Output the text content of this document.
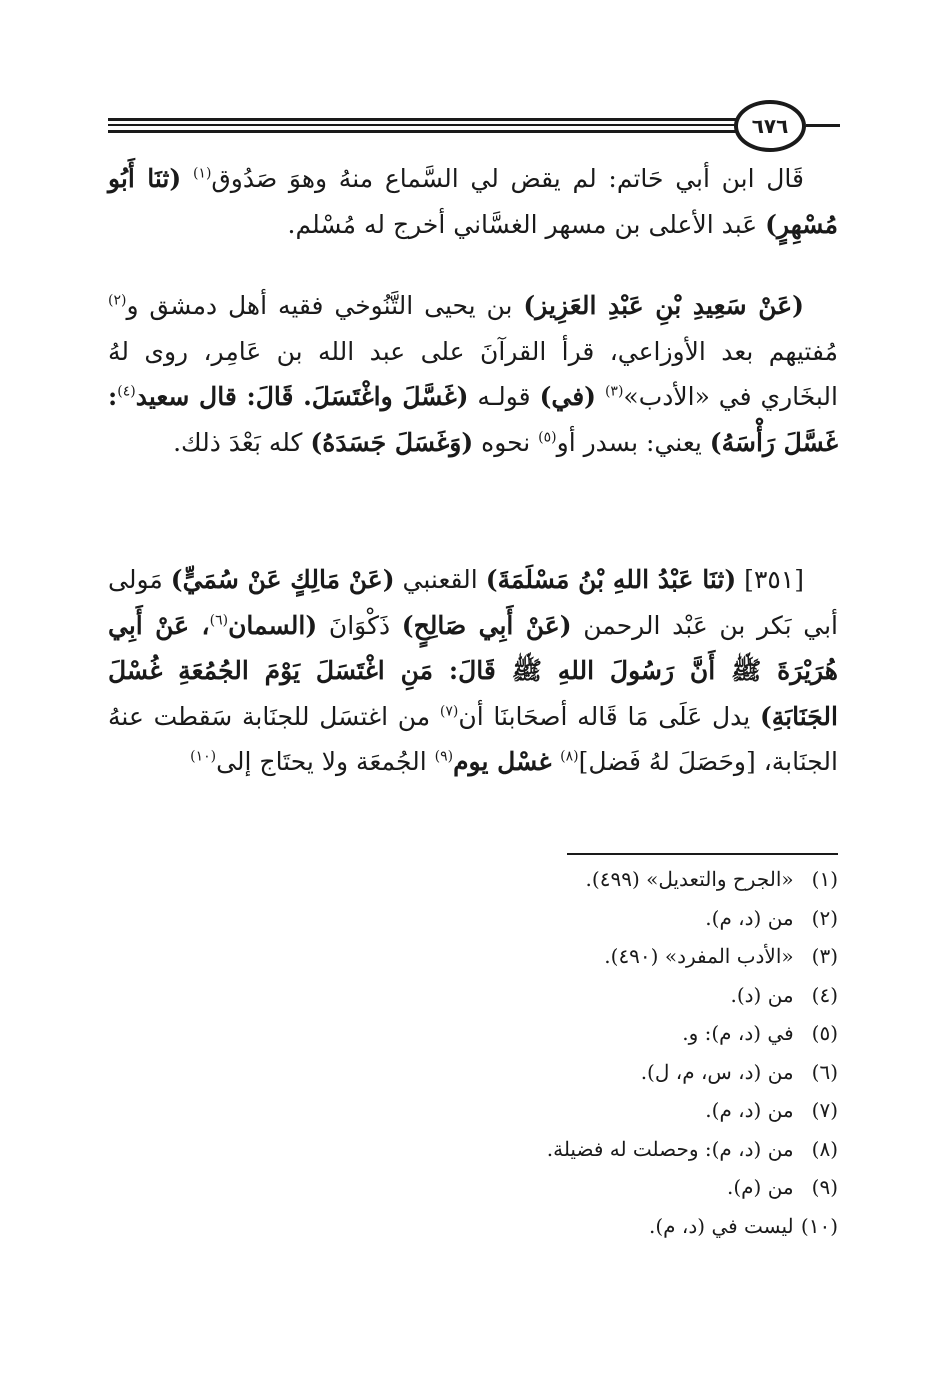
٦٧٦

قَال ابن أبي حَاتم: لم يقض لي السَّماع منهُ وهوَ صَدُوق$^{(١)}$ (ثنَا أَبُو مُسْهِرٍ) عَبد الأعلى بن مسهر الغسَّاني أخرج له مُسْلم.

(عَنْ سَعِيدِ بْنِ عَبْدِ العَزِيز) بن يحيى التَّنُوخي فقيه أهل دمشق و$^{(٢)}$ مُفتيهم بعد الأوزاعي، قرأ القرآنَ على عبد الله بن عَامِر، روى لهُ البخَاري في «الأدب»$^{(٣)}$ (في) قولـه (غَسَّلَ واغْتَسَلَ. قَالَ: قال سعيد$^{(٤)}$: غَسَّلَ رَأْسَهُ) يعني: بسدر أو$^{(٥)}$ نحوه (وَغَسَلَ جَسَدَهُ) كله بَعْدَ ذلك.

[٣٥١] (ثنَا عَبْدُ اللهِ بْنُ مَسْلَمَةَ) القعنبي (عَنْ مَالِكٍ عَنْ سُمَيٍّ) مَولى أبي بَكر بن عَبْد الرحمن (عَنْ أَبِي صَالِحٍ) ذَكْوَانَ (السمان$^{(٦)}$، عَنْ أَبِي هُرَيْرَةَ ﷺ أَنَّ رَسُولَ اللهِ ﷺ قَالَ: مَنِ اغْتَسَلَ يَوْمَ الجُمُعَةِ غُسْلَ الجَنَابَةِ) يدل عَلَى مَا قَاله أصحَابنَا أن$^{(٧)}$ من اغتسَل للجنَابة سَقطت عنهُ الجنَابة، [وحَصَلَ لهُ فَضل]$^{(٨)}$ غسْل يوم$^{(٩)}$ الجُمعَة ولا يحتَاج إلى$^{(١٠)}$

(١) «الجرح والتعديل» (٤٩٩).
(٢) من (د، م).
(٣) «الأدب المفرد» (٤٩٠).
(٤) من (د).
(٥) في (د، م): و.
(٦) من (د، س، م، ل).
(٧) من (د، م).
(٨) من (د، م): وحصلت له فضيلة.
(٩) من (م).
(١٠) ليست في (د، م).
